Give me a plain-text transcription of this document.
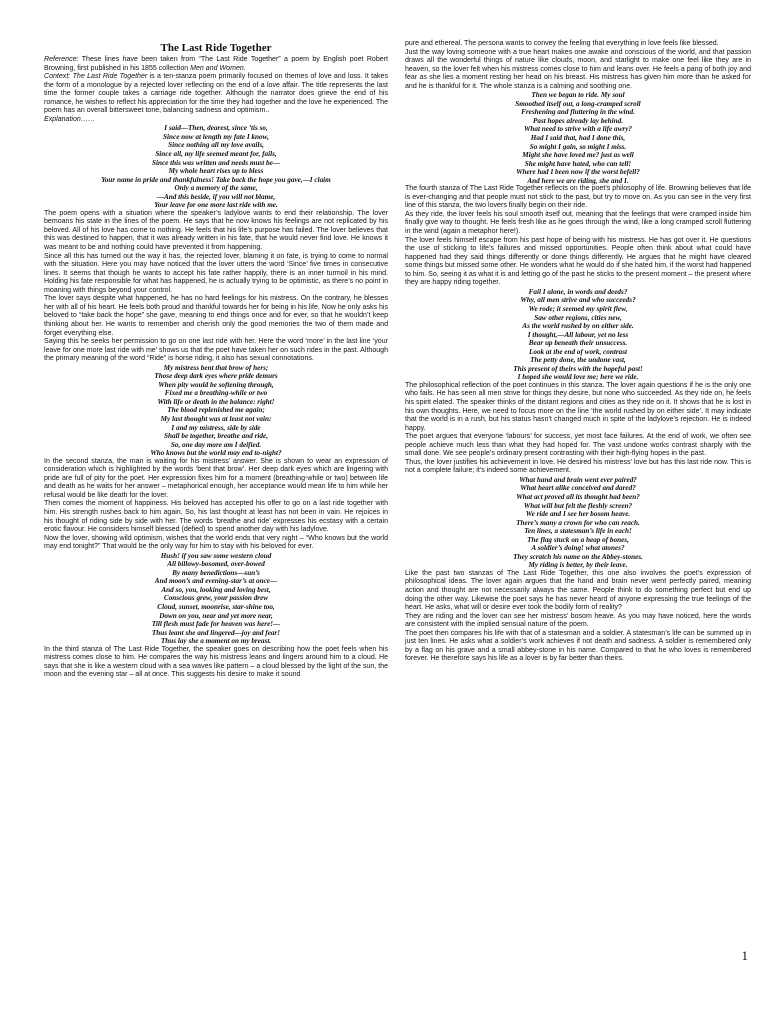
The Last Ride Together

Reference: These lines have been taken from “The Last Ride Together” a poem by English poet Robert Browning, first published in his 1855 collection Men and Women.

Context: The Last Ride Together is a ten-stanza poem primarily focused on themes of love and loss. It takes the form of a monologue by a rejected lover reflecting on the end of a love affair. The title represents the last time the former couple takes a carriage ride together. Although the narrator does grieve the end of his romance, he wishes to reflect his appreciation for the time they had together and the love he experienced. The poem has an overall bittersweet tone, balancing sadness and optimism..

Explanation……

I said—Then, dearest, since ’tis so,
Since now at length my fate I know,
Since nothing all my love avails,
Since all, my life seemed meant for, fails,
Since this was written and needs must be—
My whole heart rises up to bless
Your name in pride and thankfulness! Take back the hope you gave,—I claim
Only a memory of the same,
—And this beside, if you will not blame,
Your leave for one more last ride with me.

The poem opens with a situation where the speaker’s ladylove wants to end their relationship. The lover bemoans his state in the lines of the poem. He says that he now knows his feelings are not replicated by his beloved. All of his love has come to nothing. He feels that his life’s purpose has failed. The lover believes that this was destined to happen, that it was already written in his fate, that he would never find love. He knows it was meant to be and nothing could have prevented it from happening.

Since all this has turned out the way it has, the rejected lover, blaming it on fate, is trying to come to normal with the situation. Here you may have noticed that the lover utters the word ‘Since’ five times in consecutive lines. It seems that though he wants to accept his fate rather happily, there is an inner turmoil in his mind. Holding his fate responsible for what has happened, he is actually trying to be optimistic, as there’s no point in moaning with things beyond your control.

The lover says despite what happened, he has no hard feelings for his mistress. On the contrary, he blesses her with all of his heart. He feels both proud and thankful towards her for being in his life. Now he only asks his beloved to “take back the hope” she gave, meaning to end things once and for ever, so that he wouldn’t keep thinking about her. He wants to remember and cherish only the good memories the two of them made and forget everything else.

Saying this he seeks her permission to go on one last ride with her. Here the word ‘more’ in the last line ‘your leave for one more last ride with me’ shows us that the poet have taken her on such rides in the past. Although the primary meaning of the word “Ride” is horse riding, it also has sexual connotations.

My mistress bent that brow of hers;
Those deep dark eyes where pride demurs
When pity would be softening through,
Fixed me a breathing-while or two
With life or death in the balance: right!
The blood replenished me again;
My last thought was at least not vain:
I and my mistress, side by side
Shall be together, breathe and ride,
So, one day more am I deified.
Who knows but the world may end to-night?

In the second stanza, the man is waiting for his mistress’ answer. She is shown to wear an expression of consideration which is highlighted by the words ‘bent that brow’. Her deep dark eyes which are lingering with pride are full of pity for the poet. Her expression fixes him for a moment (breathing-while or two) between life and death as he waits for her answer – metaphorical enough, her acceptance would mean life to him while her refusal would be like death for the lover.

Then comes the moment of happiness. His beloved has accepted his offer to go on a last ride together with him. His strength rushes back to him again. So, his last thought at least has not been in vain. He rejoices in his thought of riding side by side with her. The words ‘breathe and ride’ expresses his ecstasy with a certain erotic flavour. He considers himself blessed (defied) to spend another day with his ladylove.

Now the lover, showing wild optimism, wishes that the world ends that very night – “Who knows but the world may end tonight?” That would be the only way for him to stay with his beloved for ever.

Hush! if you saw some western cloud
All billowy-bosomed, over-bowed
By many benedictions—sun’s
And moon’s and evening-star’s at once—
And so, you, looking and loving best,
Conscious grew, your passion drew
Cloud, sunset, moonrise, star-shine too,
Down on you, near and yet more near,
Till flesh must fade for heaven was here!—
Thus leant she and lingered—joy and fear!
Thus lay she a moment on my breast.

In the third stanza of The Last Ride Together, the speaker goes on describing how the poet feels when his mistress comes close to him. He compares the way his mistress leans and lingers around him to a cloud. He says that she is like a western cloud with a sea waves like pattern – a cloud blessed by the light of the sun, the moon and the evening star – all at once. This suggests his desire to make it sound

pure and ethereal. The persona wants to convey the feeling that everything in love feels like blessed.

Just the way loving someone with a true heart makes one awake and conscious of the world, and that passion draws all the wonderful things of nature like clouds, moon, and starlight to make one feel like they are in heaven, so the lover felt when his mistress comes close to him and leans over. He feels a pang of both joy and fear as she lies a moment resting her head on his breast. His mistress has given him more than he asked for and he is thankful for it. The whole stanza is a calming and soothing one.

Then we began to ride. My soul
Smoothed itself out, a long-cramped scroll
Freshening and fluttering in the wind.
Past hopes already lay behind.
What need to strive with a life awry?
Had I said that, had I done this,
So might I gain, so might I miss.
Might she have loved me? just as well
She might have hated, who can tell!
Where had I been now if the worst befell?
And here we are riding, she and I.

The fourth stanza of The Last Ride Together reflects on the poet’s philosophy of life. Browning believes that life is ever-changing and that people must not stick to the past, but try to move on. As you can see in the very first line of this stanza, the two lovers finally begin on their ride.

As they ride, the lover feels his soul smooth itself out, meaning that the feelings that were cramped inside him finally give way to thought. He feels fresh like as he goes through the wind, like a long cramped scroll fluttering in the wind (again a metaphor here!).

The lover feels himself escape from his past hope of being with his mistress. He has got over it. He questions the use of sticking to life’s failures and missed opportunities. People often think about what could have happened had they said things differently or done things differently. He argues that he might have cleared some things but missed some other. He wonders what he would do if she hated him, if the worst had happened to him. So, seeing it as what it is and letting go of the past he sticks to the present moment – the present where they are happy riding together.

Fail I alone, in words and deeds?
Why, all men strive and who succeeds?
We rode; it seemed my spirit flew,
Saw other regions, cities new,
As the world rushed by on either side.
I thought,—All labour, yet no less
Bear up beneath their unsuccess.
Look at the end of work, contrast
The petty done, the undone vast,
This present of theirs with the hopeful past!
I hoped she would love me; here we ride.

The philosophical reflection of the poet continues in this stanza. The lover again questions if he is the only one who fails. He has seen all men strive for things they desire, but none who succeeded. As they ride on, he feels his spirit elated. The speaker thinks of the distant regions and cities as they ride on it. It shows that he is lost in his own thoughts. Here, we need to focus more on the line ‘the world rushed by on either side’. It may indicate that the world is in a rush, but his status hasn’t changed much in spite of the ladylove’s rejection. He is indeed happy.

The poet argues that everyone ‘labours’ for success, yet most face failures. At the end of work, we often see people achieve much less than what they had hoped for. The vast undone works contrast sharply with the small done. We see people’s ordinary present contrasting with their high-flying hopes in the past.

Thus, the lover justifies his achievement in love. He desired his mistress’ love but has this last ride now. This is not a complete failure; it’s indeed some achievement.

What hand and brain went ever paired?
What heart alike conceived and dared?
What act proved all its thought had been?
What will but felt the fleshly screen?
We ride and I see her bosom heave.
There’s many a crown for who can reach.
Ten lines, a statesman’s life in each!
The flag stuck on a heap of bones,
A soldier’s doing! what atones?
They scratch his name on the Abbey-stones.
My riding is better, by their leave.

Like the past two stanzas of The Last Ride Together, this one also involves the poet’s expression of philosophical ideas. The lover again argues that the hand and brain never went perfectly paired, meaning action and thought are not necessarily always the same. People think to do something perfect but end up doing the other way. Likewise the poet says he has never heard of anyone expressing the true feelings of the heart. He asks, what will or desire ever took the bodily form of reality?

They are riding and the lover can see her mistress’ bosom heave. As you may have noticed, here the words are consistent with the implied sensual nature of the poem.

The poet then compares his life with that of a statesman and a soldier. A statesman’s life can be summed up in just ten lines. He asks what a soldier’s work achieves if not death and sadness. A soldier is remembered only by a flag on his grave and a small abbey-stone in his name. Compared to that he who loves is remembered forever. He therefore says his life as a lover is by far better than theirs.

1
